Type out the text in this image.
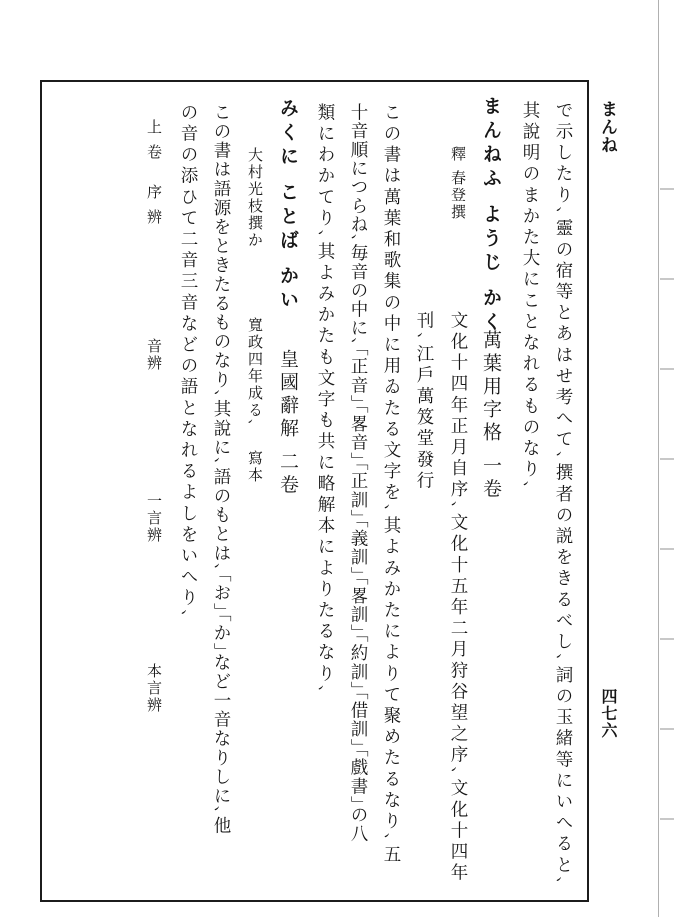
まんね
四七六
で示したり､靈の宿等とあはせ考へて､撰者の説をきるべし､詞の玉緒等にいへると､
其說明のまかた大にことなれるものなり､
まんねふ ようじ かく
萬葉用字格 一卷
釋 春登撰
文化十四年正月自序､文化十五年二月狩谷望之序､文化十四年
刊､江戶萬笈堂發行
この書は萬葉和歌集の中に用ゐたる文字を､其よみかたによりて聚めたるなり､五
十音順につらね､毎音の中に､｢正音｣｢畧音｣｢正訓｣｢義訓｣｢畧訓｣｢約訓｣｢借訓｣｢戲書｣の八
類にわかてり､其よみかたも文字も共に略解本によりたるなり､
みくに ことば かい
皇國辭解 二卷
大村光枝撰か
寬政四年成る､
寫本
この書は語源をときたるものなり､其說に､語のもとは､｢お｣｢か｣など一音なりしに､他
の音の添ひて二音三音などの語となれるよしをいへり､
上卷 序辨
音辨
一言辨
本言辨
